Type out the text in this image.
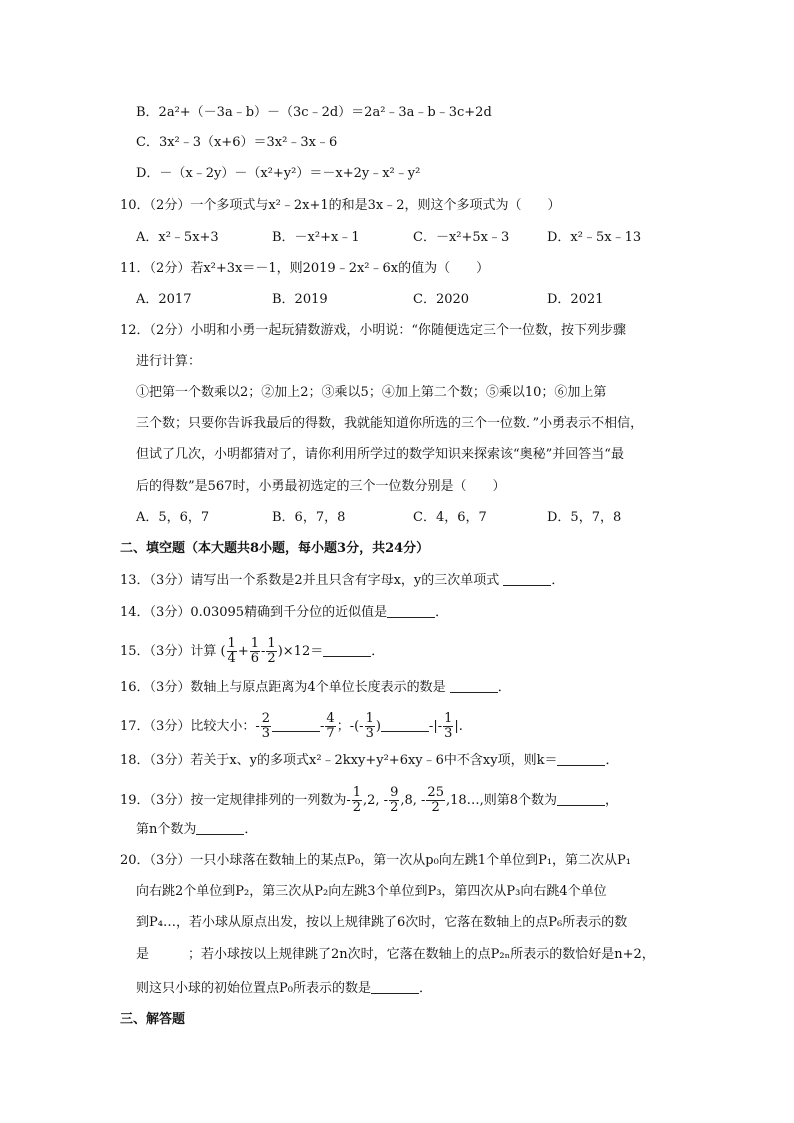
B．2a²+（－3a﹣b）－（3c﹣2d）＝2a²﹣3a﹣b﹣3c+2d
C．3x²﹣3（x+6）＝3x²﹣3x﹣6
D．－（x﹣2y）－（x²+y²）＝－x+2y﹣x²﹣y²
10．（2分）一个多项式与x²﹣2x+1的和是3x﹣2，则这个多项式为（　　）
A．x²﹣5x+3	B．－x²+x﹣1	C．－x²+5x﹣3	D．x²﹣5x﹣13
11．（2分）若x²+3x＝－1，则2019﹣2x²﹣6x的值为（　　）
A．2017	B．2019	C．2020	D．2021
12．（2分）小明和小勇一起玩猜数游戏，小明说：“你随便选定三个一位数，按下列步骤
进行计算：
①把第一个数乘以2；②加上2；③乘以5；④加上第二个数；⑤乘以10；⑥加上第
三个数；只要你告诉我最后的得数，我就能知道你所选的三个一位数．”小勇表示不相信，
但试了几次，小明都猜对了，请你利用所学过的数学知识来探索该“奥秘”并回答当“最
后的得数”是567时，小勇最初选定的三个一位数分别是（　　）
A．5，6，7	B．6，7，8	C．4，6，7	D．5，7，8
二、填空题（本大题共8小题，每小题3分，共24分）
13．（3分）请写出一个系数是2并且只含有字母x，y的三次单项式	．
14．（3分）0.03095精确到千分位的近似值是	．
15．（3分）计算 ( $\frac{1}{4} + \frac{1}{6} - \frac{1}{2} )\times 12=$	．
16．（3分）数轴上与原点距离为4个单位长度表示的数是	．
17．（3分）比较大小：- $\frac{2}{3}$	- $\frac{4}{7}$ ；-(- $\frac{1}{3}$ )	-|- $\frac{1}{3}$ |.
18．（3分）若关于x、y的多项式x²﹣2kxy+y²+6xy﹣6中不含xy项，则k＝	．
19．（3分）按一定规律排列的一列数为- $\frac{1}{2} ,2$, - $\frac{9}{2} ,8$, - $\frac{25}{2}$ ,18…,则第8个数为	，
第n个数为	．
20．（3分）一只小球落在数轴上的某点P₀，第一次从p₀向左跳1个单位到P₁，第二次从P₁
向右跳2个单位到P₂，第三次从P₂向左跳3个单位到P₃，第四次从P₃向右跳4个单位
到P₄…，若小球从原点出发，按以上规律跳了6次时，它落在数轴上的点P₆所表示的数
是　　　；若小球按以上规律跳了2n次时，它落在数轴上的点P₂ₙ所表示的数恰好是n+2，
则这只小球的初始位置点P₀所表示的数是	．
三、解答题
